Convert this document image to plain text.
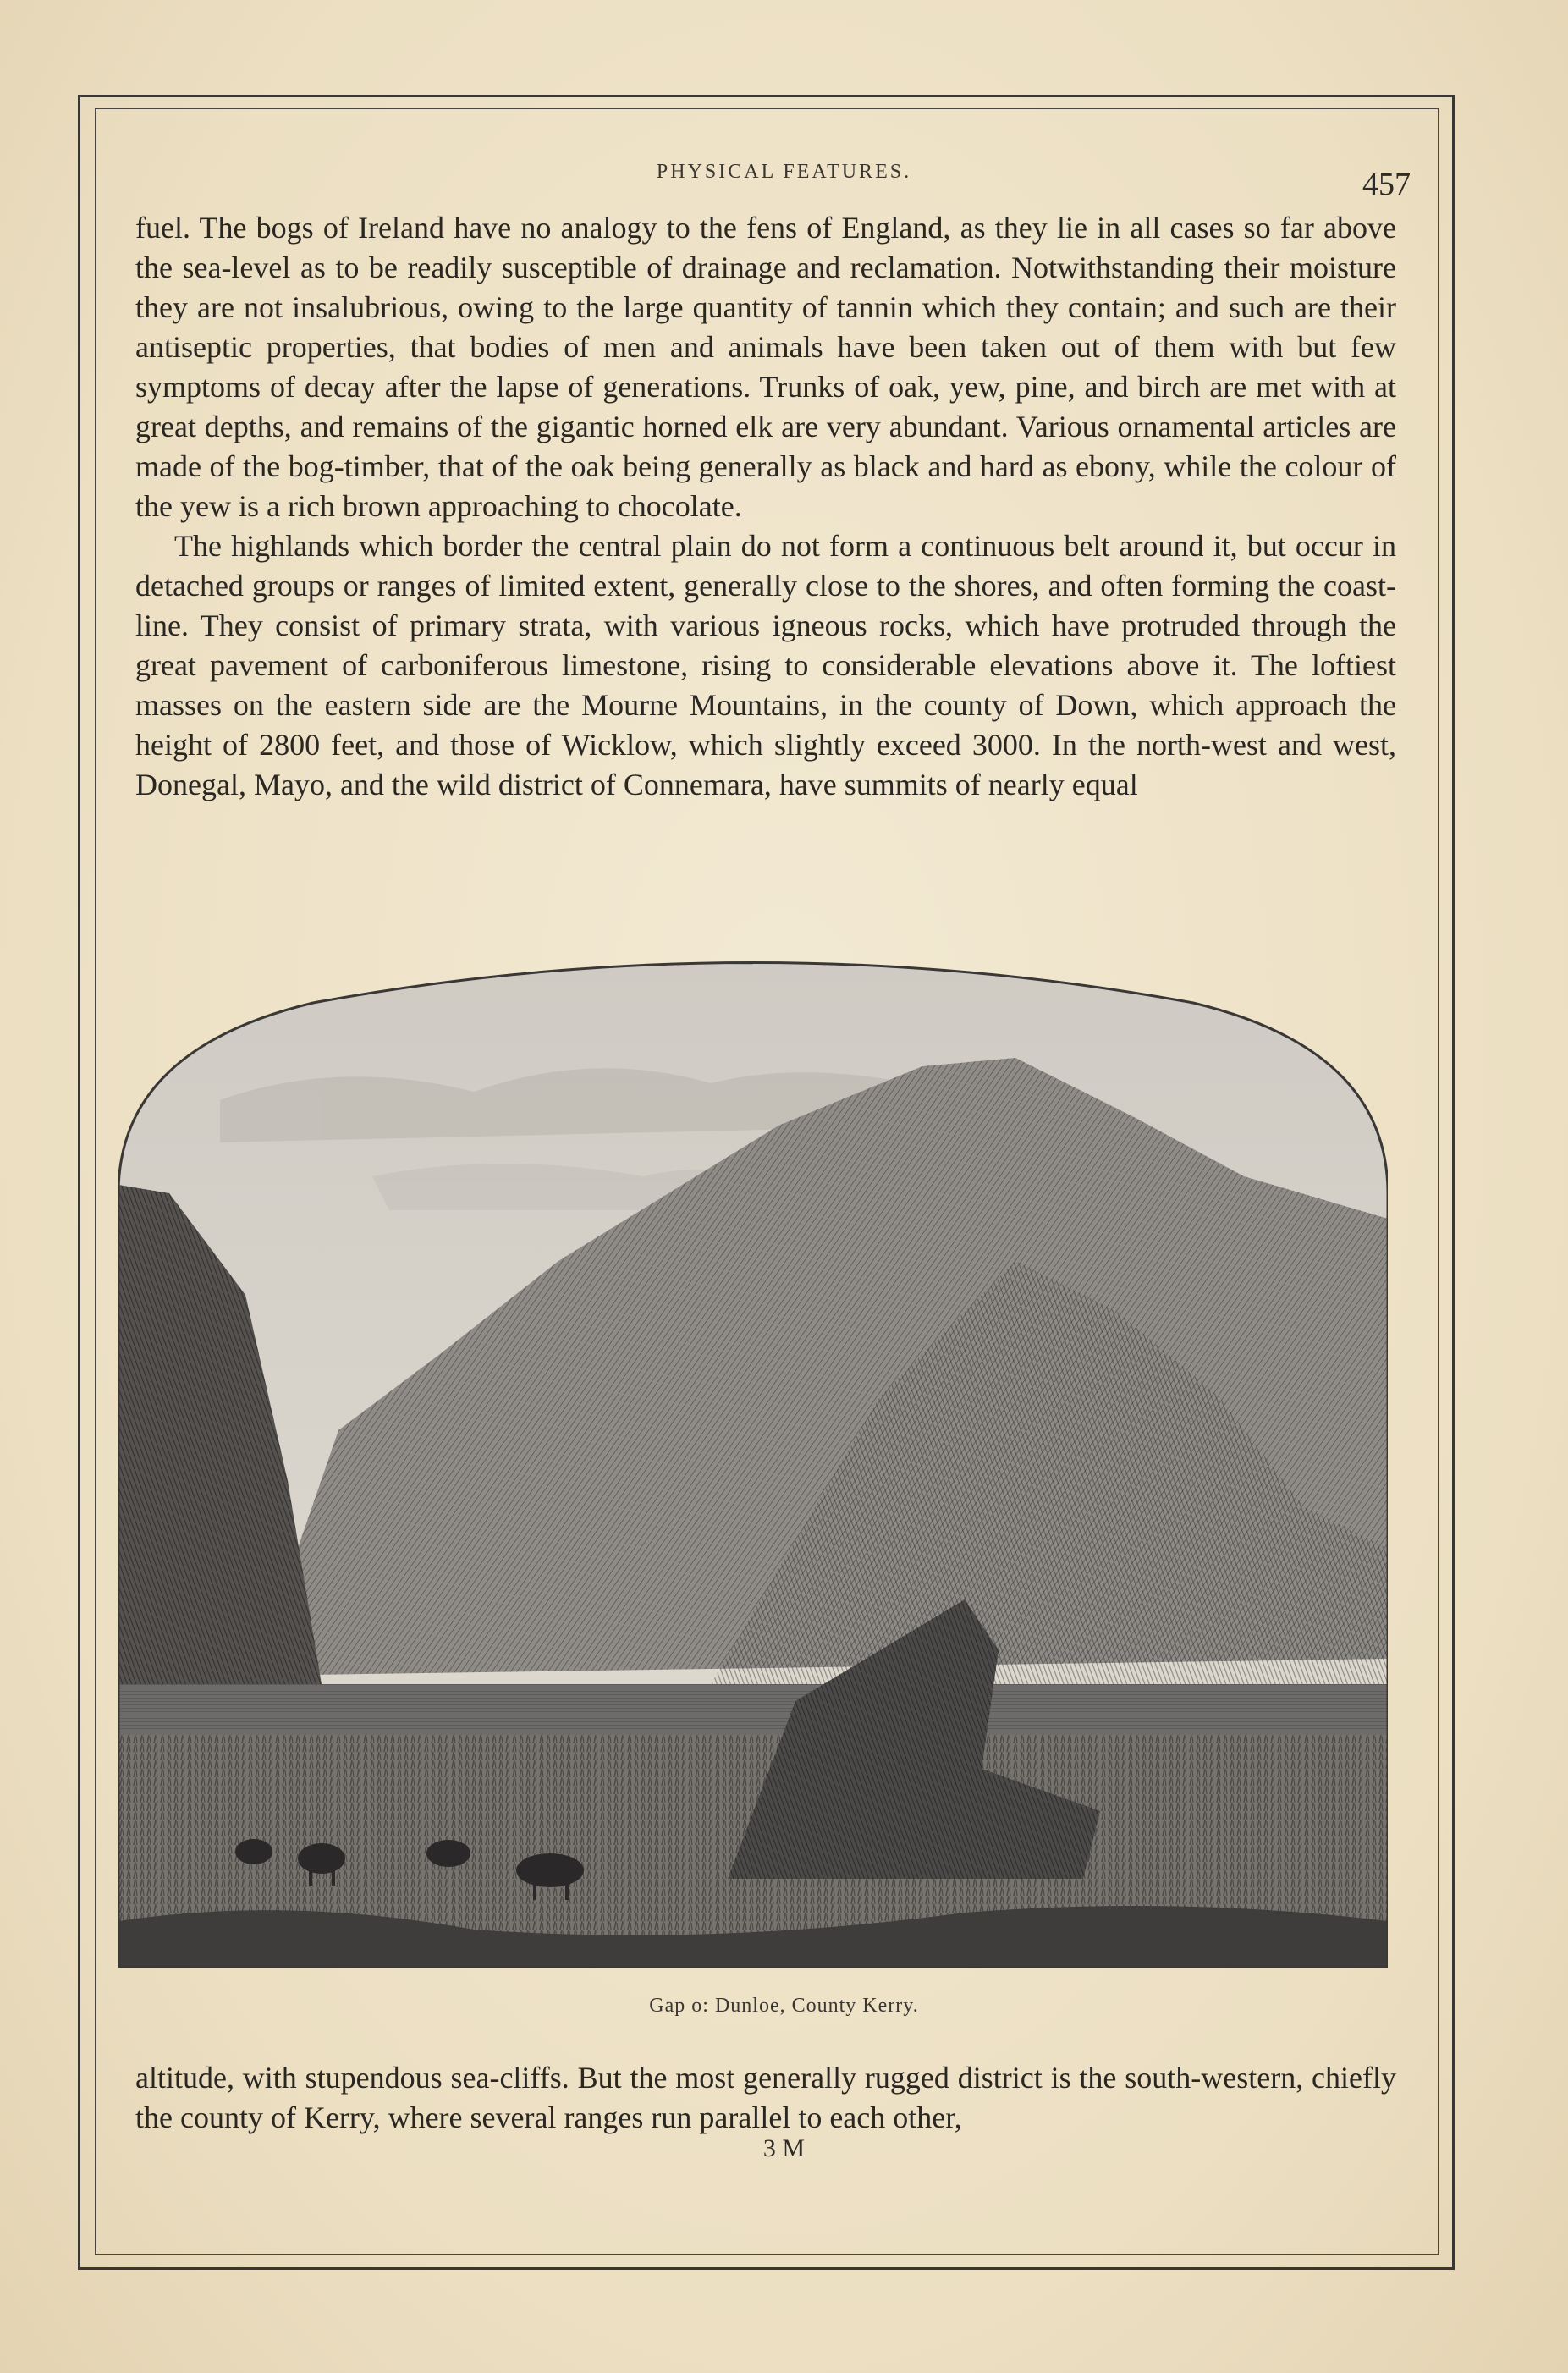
PHYSICAL FEATURES.	457

fuel. The bogs of Ireland have no analogy to the fens of England, as they lie in all cases so far above the sea-level as to be readily susceptible of drainage and reclamation. Notwithstanding their moisture they are not insalubrious, owing to the large quantity of tannin which they contain; and such are their antiseptic properties, that bodies of men and animals have been taken out of them with but few symptoms of decay after the lapse of generations. Trunks of oak, yew, pine, and birch are met with at great depths, and remains of the gigantic horned elk are very abundant. Various ornamental articles are made of the bog-timber, that of the oak being generally as black and hard as ebony, while the colour of the yew is a rich brown approaching to chocolate.

The highlands which border the central plain do not form a continuous belt around it, but occur in detached groups or ranges of limited extent, generally close to the shores, and often forming the coast-line. They consist of primary strata, with various igneous rocks, which have protruded through the great pavement of carboniferous limestone, rising to considerable elevations above it. The loftiest masses on the eastern side are the Mourne Mountains, in the county of Down, which approach the height of 2800 feet, and those of Wicklow, which slightly exceed 3000. In the north-west and west, Donegal, Mayo, and the wild district of Connemara, have summits of nearly equal

Gap o: Dunloe, County Kerry.

altitude, with stupendous sea-cliffs. But the most generally rugged district is the south-western, chiefly the county of Kerry, where several ranges run parallel to each other,

3 M
